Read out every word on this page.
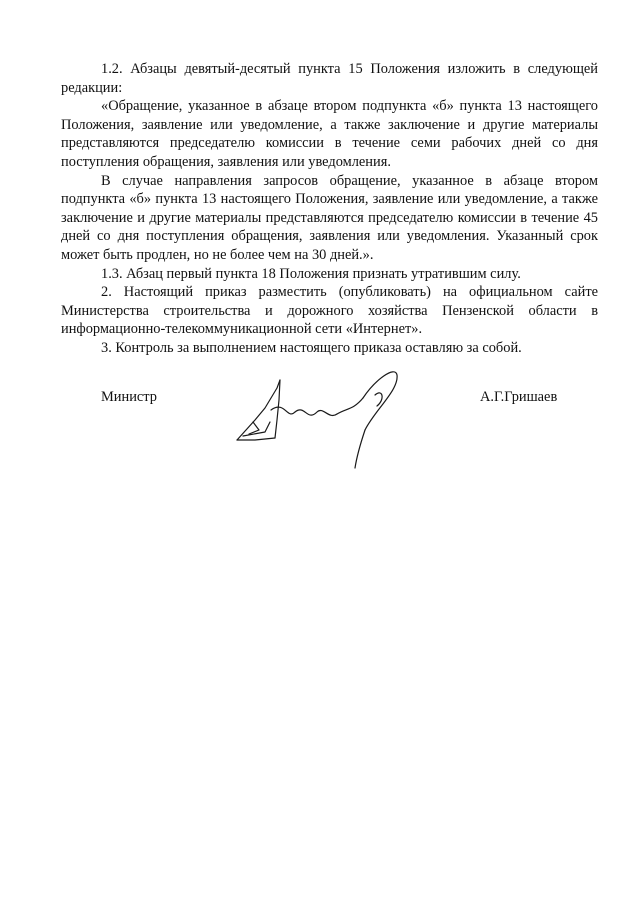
1.2. Абзацы девятый-десятый пункта 15 Положения изложить в следующей редакции:

«Обращение, указанное в абзаце втором подпункта «б» пункта 13 настоящего Положения, заявление или уведомление, а также заключение и другие материалы представляются председателю комиссии в течение семи рабочих дней со дня поступления обращения, заявления или уведомления.

В случае направления запросов обращение, указанное в абзаце втором подпункта «б» пункта 13 настоящего Положения, заявление или уведомление, а также заключение и другие материалы представляются председателю комиссии в течение 45 дней со дня поступления обращения, заявления или уведомления. Указанный срок может быть продлен, но не более чем на 30 дней.».

1.3. Абзац первый пункта 18 Положения признать утратившим силу.

2. Настоящий приказ разместить (опубликовать) на официальном сайте Министерства строительства и дорожного хозяйства Пензенской области в информационно-телекоммуникационной сети «Интернет».

3. Контроль за выполнением настоящего приказа оставляю за собой.

Министр	А.Г.Гришаев
